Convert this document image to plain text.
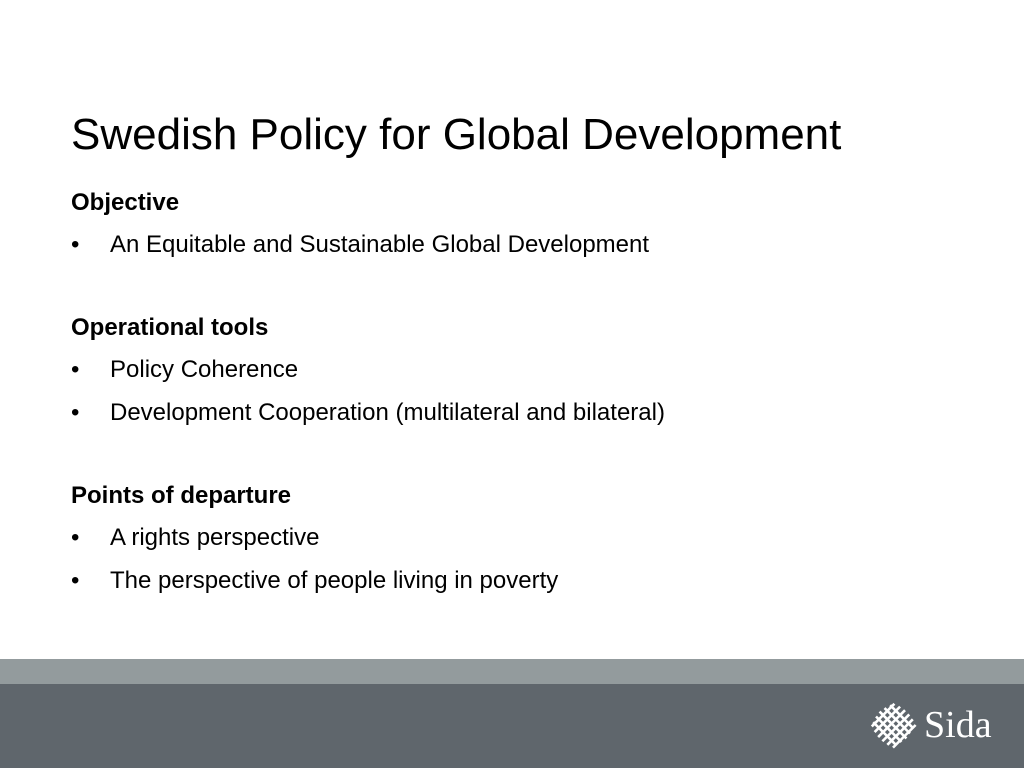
Swedish Policy for Global Development
Objective
•	An Equitable and Sustainable Global Development
Operational tools
•	Policy Coherence
•	Development Cooperation (multilateral and bilateral)
Points of departure
•	A rights perspective
•	The perspective of people living in poverty
Sida
